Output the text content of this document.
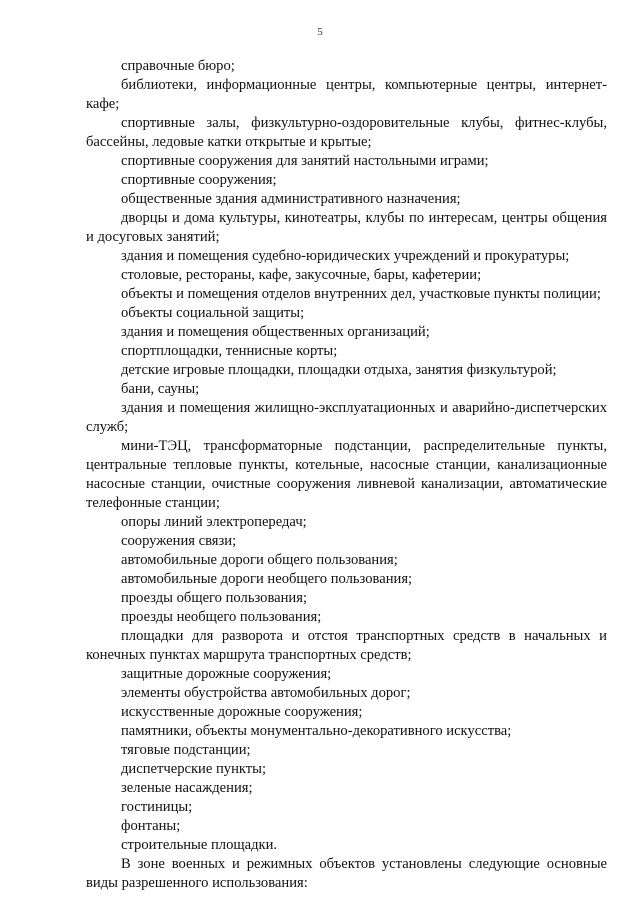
5

справочные бюро;

библиотеки, информационные центры, компьютерные центры, интернет-кафе;

спортивные залы, физкультурно-оздоровительные клубы, фитнес-клубы, бассейны, ледовые катки открытые и крытые;

спортивные сооружения для занятий настольными играми;

спортивные сооружения;

общественные здания административного назначения;

дворцы и дома культуры, кинотеатры, клубы по интересам, центры общения и досуговых занятий;

здания и помещения судебно-юридических учреждений и прокуратуры;

столовые, рестораны, кафе, закусочные, бары, кафетерии;

объекты и помещения отделов внутренних дел, участковые пункты полиции;

объекты социальной защиты;

здания и помещения общественных организаций;

спортплощадки, теннисные корты;

детские игровые площадки, площадки отдыха, занятия физкультурой;

бани, сауны;

здания и помещения жилищно-эксплуатационных и аварийно-диспетчерских служб;

мини-ТЭЦ, трансформаторные подстанции, распределительные пункты, центральные тепловые пункты, котельные, насосные станции, канализационные насосные станции, очистные сооружения ливневой канализации, автоматические телефонные станции;

опоры линий электропередач;

сооружения связи;

автомобильные дороги общего пользования;

автомобильные дороги необщего пользования;

проезды общего пользования;

проезды необщего пользования;

площадки для разворота и отстоя транспортных средств в начальных и конечных пунктах маршрута транспортных средств;

защитные дорожные сооружения;

элементы обустройства автомобильных дорог;

искусственные дорожные сооружения;

памятники, объекты монументально-декоративного искусства;

тяговые подстанции;

диспетчерские пункты;

зеленые насаждения;

гостиницы;

фонтаны;

строительные площадки.

В зоне военных и режимных объектов установлены следующие основные виды разрешенного использования:
